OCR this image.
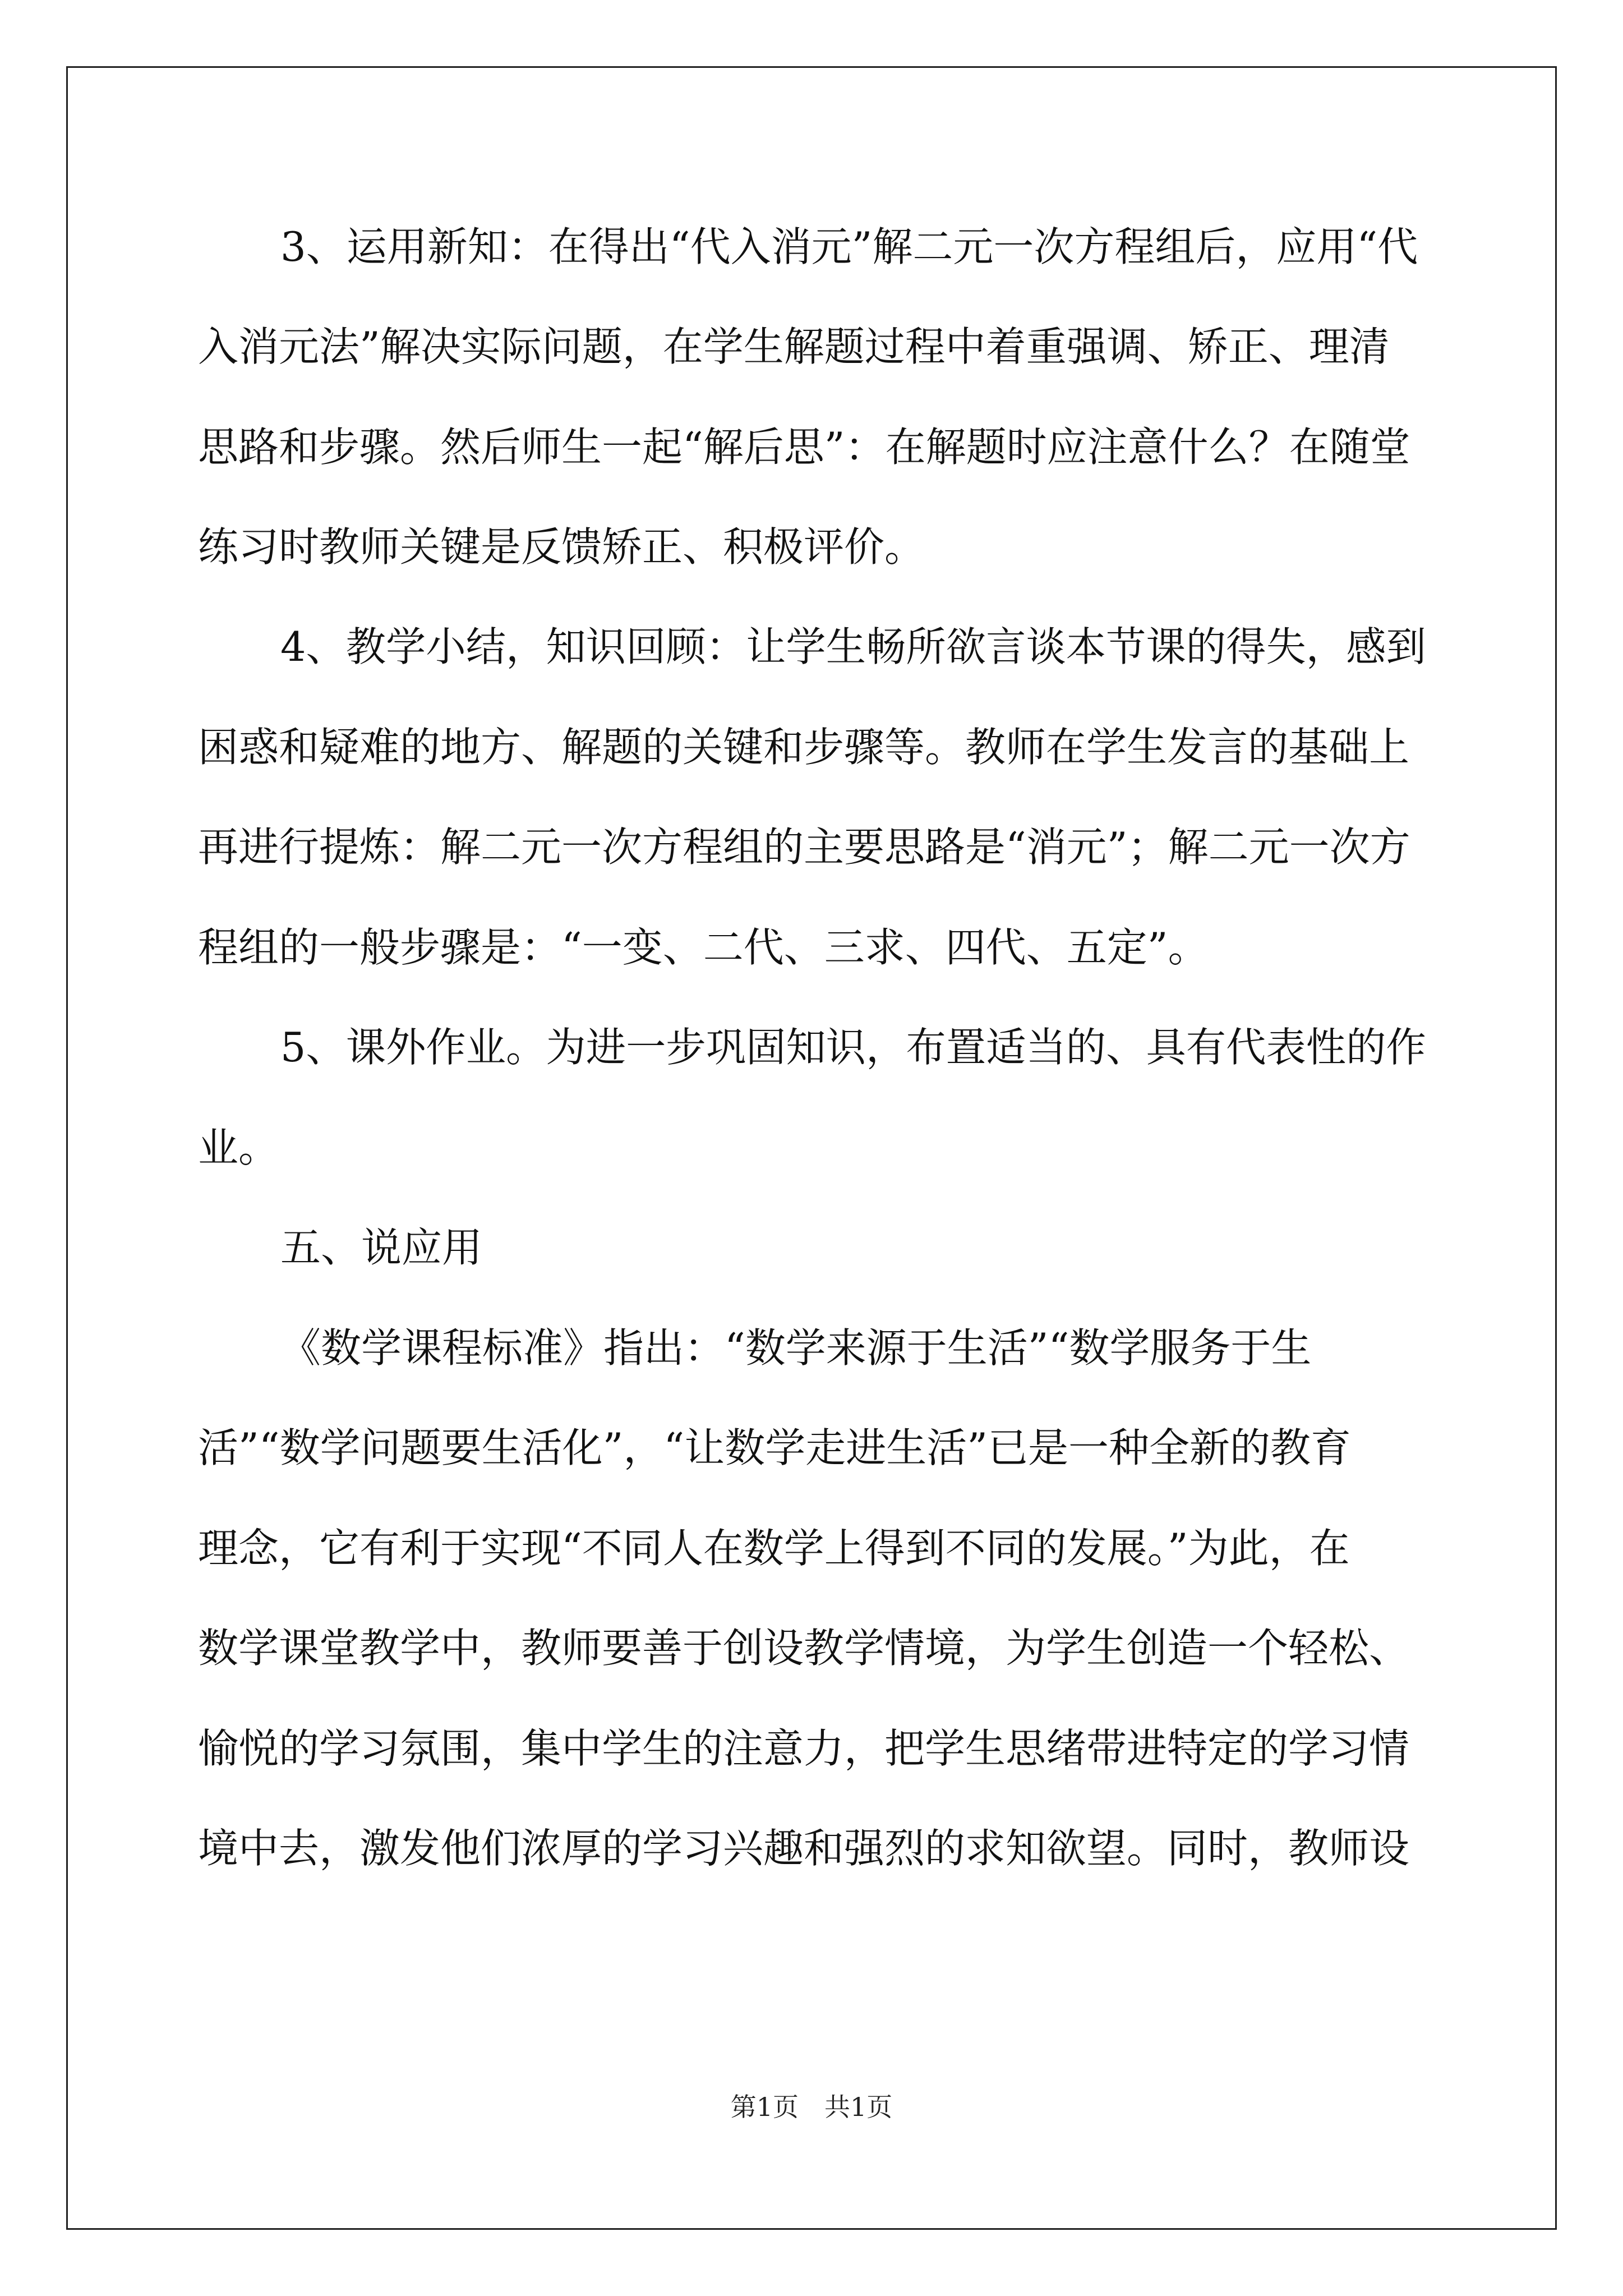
3、运用新知：在得出“代入消元”解二元一次方程组后，应用“代
入消元法”解决实际问题，在学生解题过程中着重强调、矫正、理清
思路和步骤。然后师生一起“解后思”：在解题时应注意什么？在随堂
练习时教师关键是反馈矫正、积极评价。
4、教学小结，知识回顾：让学生畅所欲言谈本节课的得失，感到
困惑和疑难的地方、解题的关键和步骤等。教师在学生发言的基础上
再进行提炼：解二元一次方程组的主要思路是“消元”；解二元一次方
程组的一般步骤是：“一变、二代、三求、四代、五定”。
5、课外作业。为进一步巩固知识，布置适当的、具有代表性的作
业。
五、说应用
《数学课程标准》指出：“数学来源于生活”“数学服务于生
活”“数学问题要生活化”，“让数学走进生活”已是一种全新的教育
理念，它有利于实现“不同人在数学上得到不同的发展。”为此，在
数学课堂教学中，教师要善于创设教学情境，为学生创造一个轻松、
愉悦的学习氛围，集中学生的注意力，把学生思绪带进特定的学习情
境中去，激发他们浓厚的学习兴趣和强烈的求知欲望。同时，教师设
第1页　共1页
